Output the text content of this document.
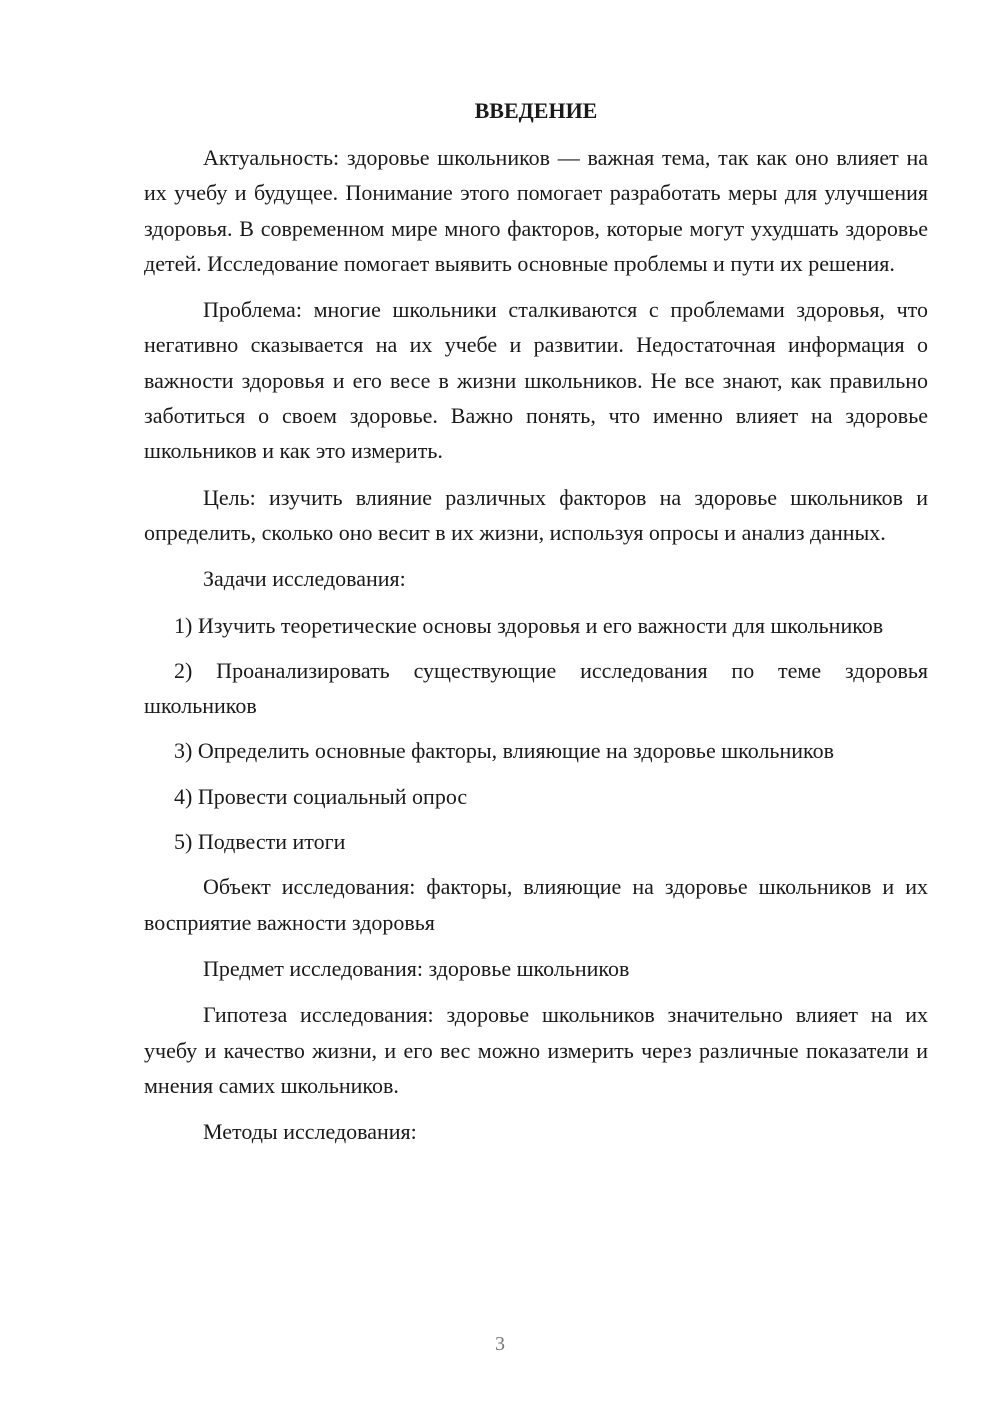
ВВЕДЕНИЕ

Актуальность: здоровье школьников — важная тема, так как оно влияет на их учебу и будущее. Понимание этого помогает разработать меры для улучшения здоровья. В современном мире много факторов, которые могут ухудшать здоровье детей. Исследование помогает выявить основные проблемы и пути их решения.

Проблема: многие школьники сталкиваются с проблемами здоровья, что негативно сказывается на их учебе и развитии. Недостаточная информация о важности здоровья и его весе в жизни школьников. Не все знают, как правильно заботиться о своем здоровье. Важно понять, что именно влияет на здоровье школьников и как это измерить.

Цель: изучить влияние различных факторов на здоровье школьников и определить, сколько оно весит в их жизни, используя опросы и анализ данных.

Задачи исследования:

1) Изучить теоретические основы здоровья и его важности для школьников

2) Проанализировать существующие исследования по теме здоровья школьников

3) Определить основные факторы, влияющие на здоровье школьников

4) Провести социальный опрос

5) Подвести итоги

Объект исследования: факторы, влияющие на здоровье школьников и их восприятие важности здоровья

Предмет исследования: здоровье школьников

Гипотеза исследования: здоровье школьников значительно влияет на их учебу и качество жизни, и его вес можно измерить через различные показатели и мнения самих школьников.

Методы исследования:

3
